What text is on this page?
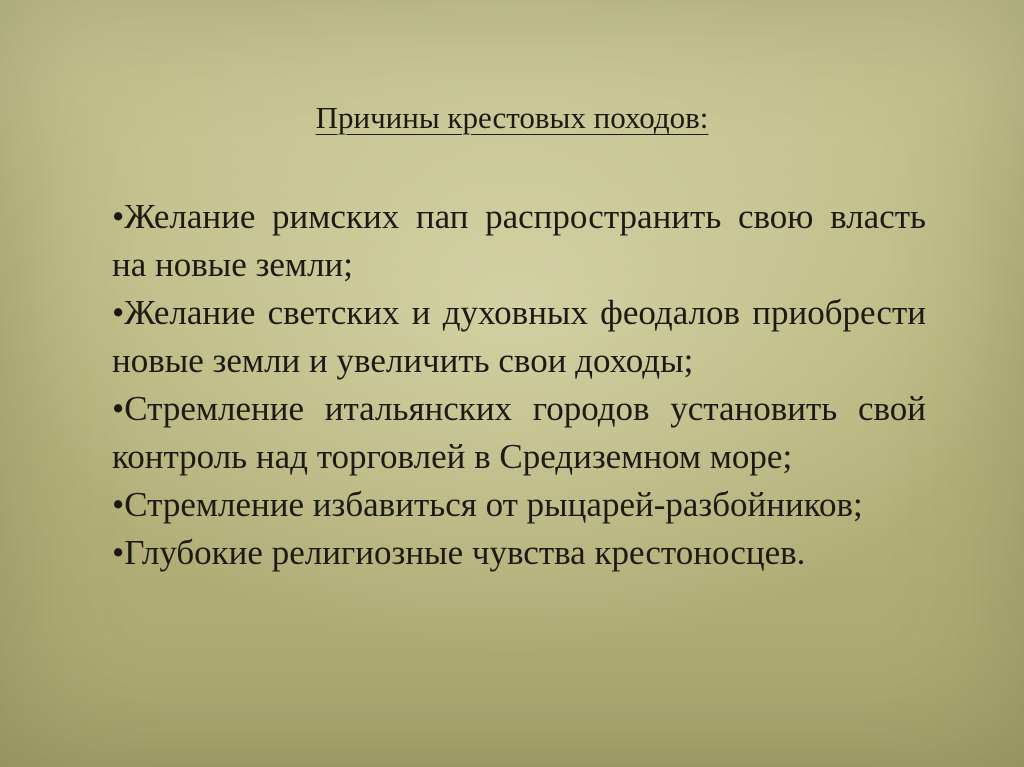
Причины крестовых походов:
•Желание римских пап распространить свою власть на новые земли;
•Желание светских и духовных феодалов приобрести новые земли и увеличить свои доходы;
•Стремление итальянских городов установить свой контроль над торговлей в Средиземном море;
•Стремление избавиться от рыцарей-разбойников;
•Глубокие религиозные чувства крестоносцев.
